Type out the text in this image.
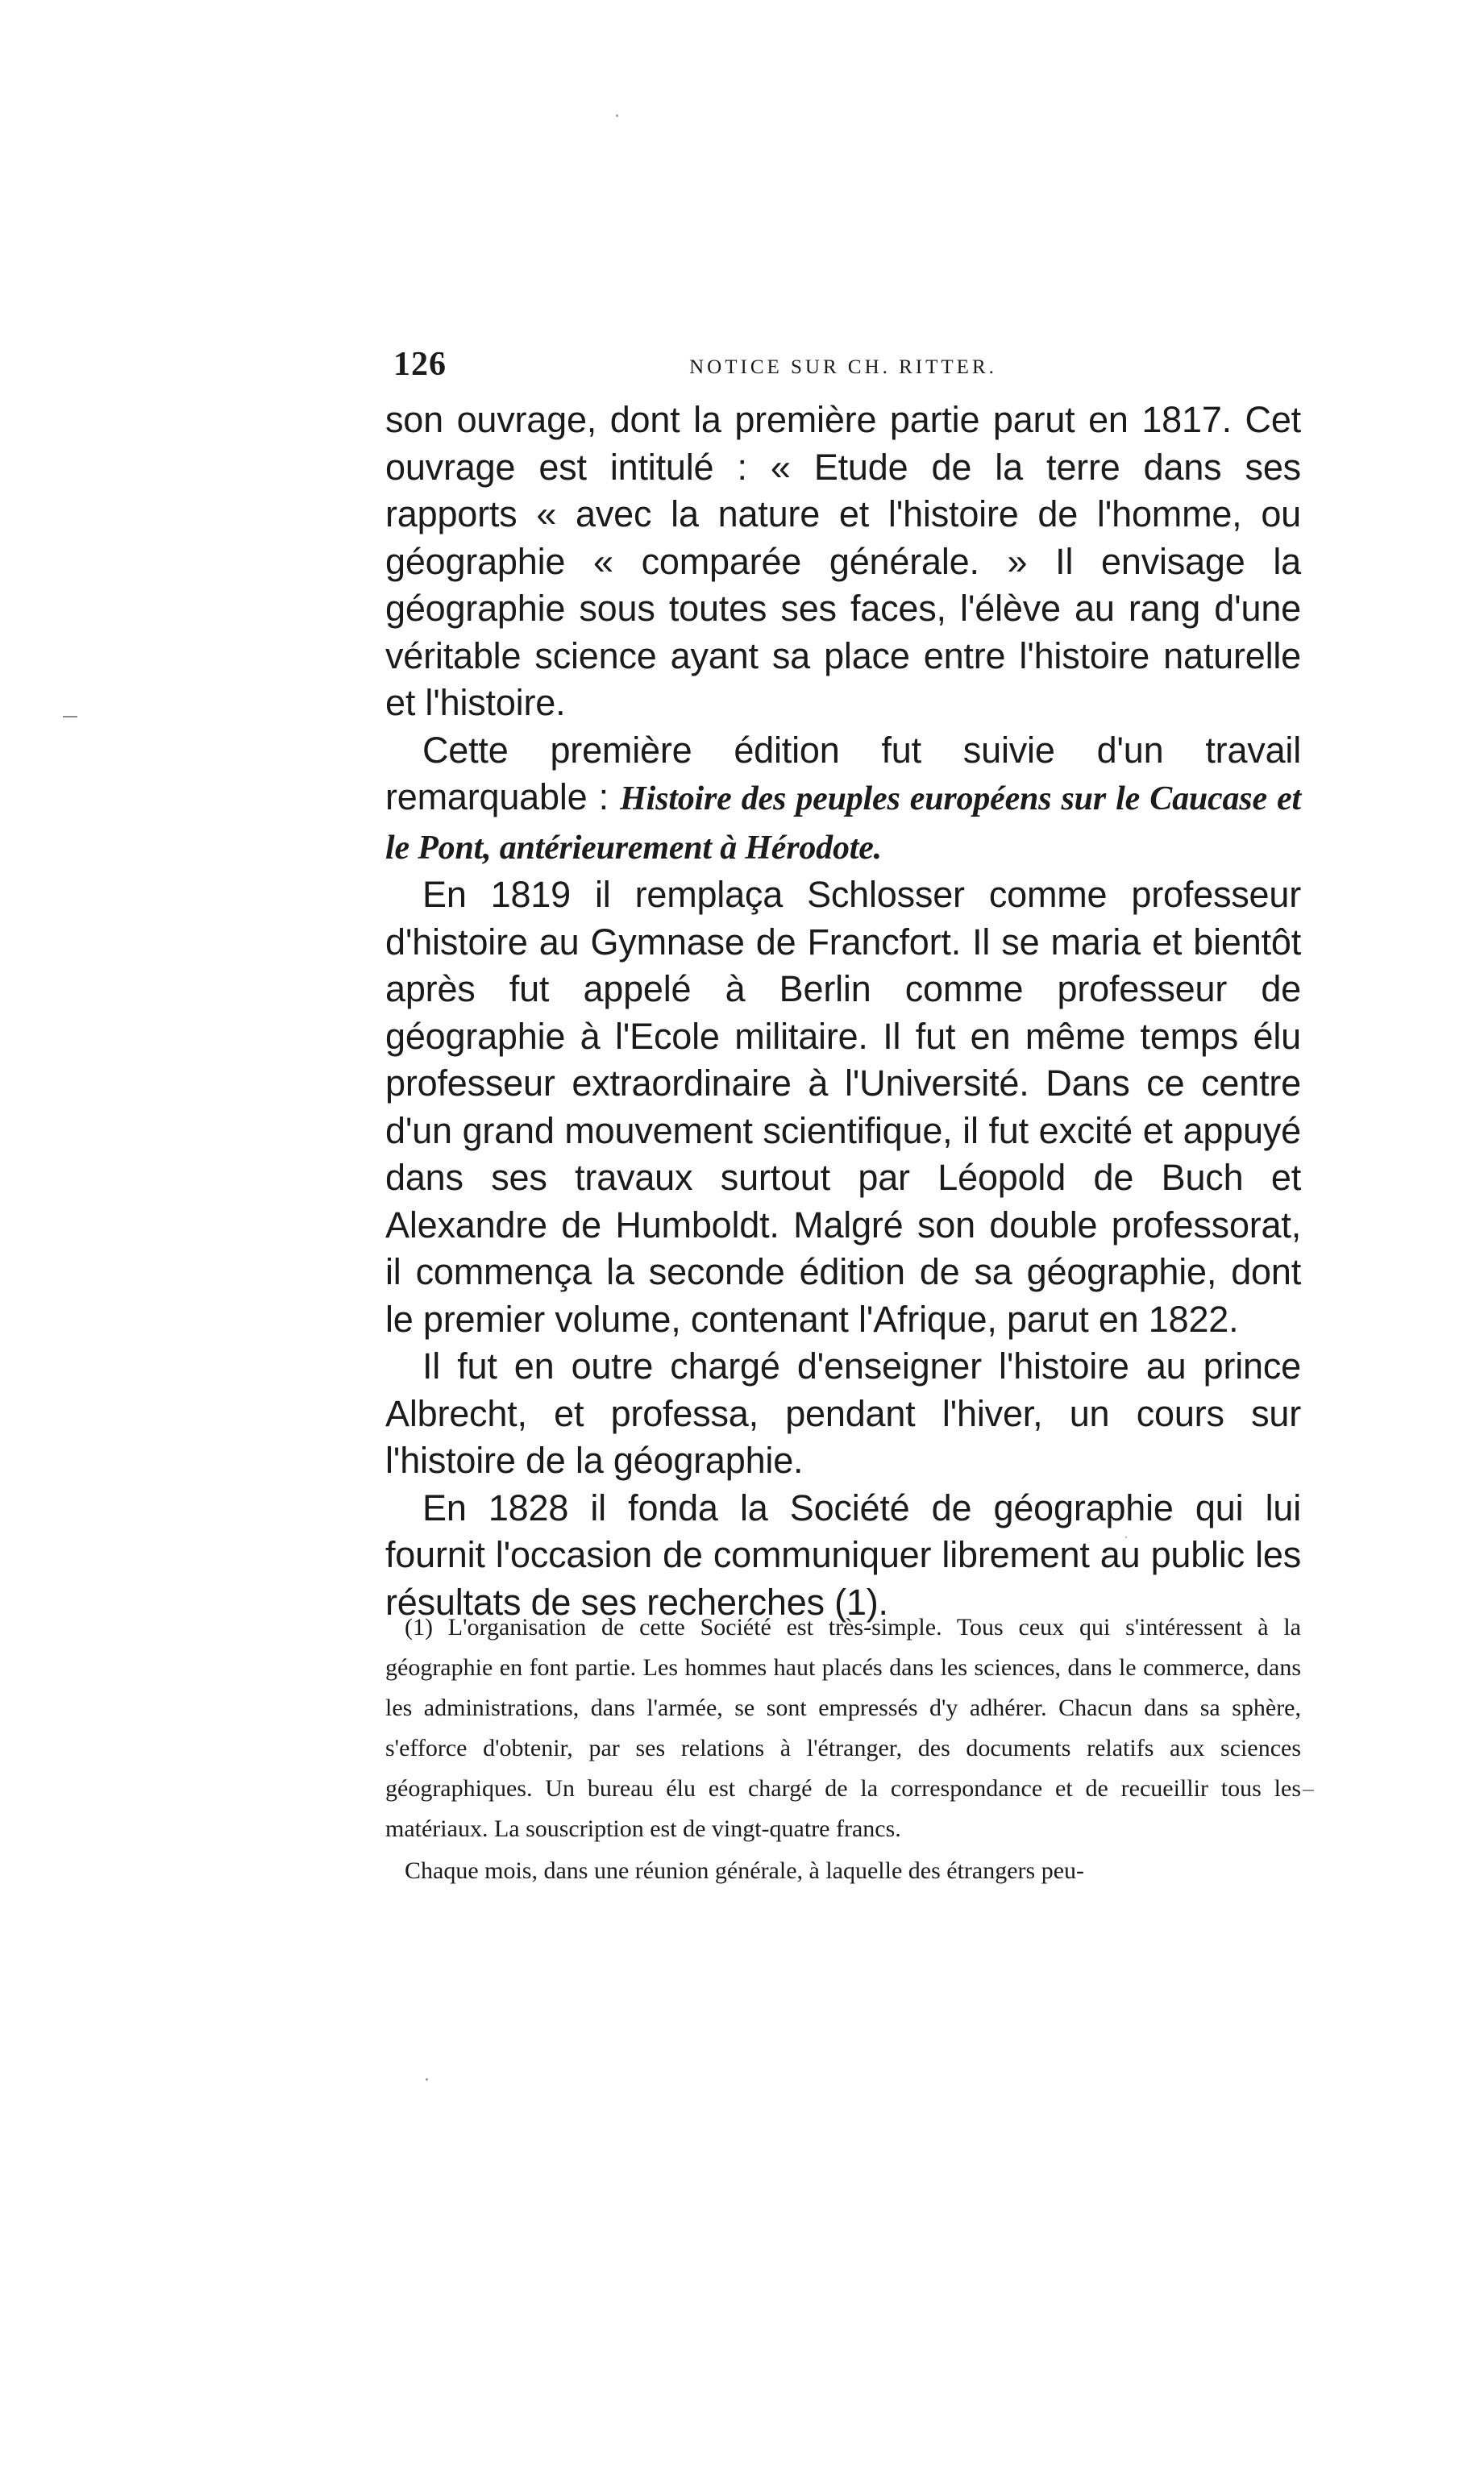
126	NOTICE SUR CH. RITTER.

son ouvrage, dont la première partie parut en 1817. Cet ouvrage est intitulé : « Etude de la terre dans ses rapports « avec la nature et l'histoire de l'homme, ou géographie « comparée générale. » Il envisage la géographie sous toutes ses faces, l'élève au rang d'une véritable science ayant sa place entre l'histoire naturelle et l'histoire.

Cette première édition fut suivie d'un travail remarquable : Histoire des peuples européens sur le Caucase et le Pont, antérieurement à Hérodote.

En 1819 il remplaça Schlosser comme professeur d'histoire au Gymnase de Francfort. Il se maria et bientôt après fut appelé à Berlin comme professeur de géographie à l'Ecole militaire. Il fut en même temps élu professeur extraordinaire à l'Université. Dans ce centre d'un grand mouvement scientifique, il fut excité et appuyé dans ses travaux surtout par Léopold de Buch et Alexandre de Humboldt. Malgré son double professorat, il commença la seconde édition de sa géographie, dont le premier volume, contenant l'Afrique, parut en 1822.

Il fut en outre chargé d'enseigner l'histoire au prince Albrecht, et professa, pendant l'hiver, un cours sur l'histoire de la géographie.

En 1828 il fonda la Société de géographie qui lui fournit l'occasion de communiquer librement au public les résultats de ses recherches (1).

(1) L'organisation de cette Société est très-simple. Tous ceux qui s'intéressent à la géographie en font partie. Les hommes haut placés dans les sciences, dans le commerce, dans les administrations, dans l'armée, se sont empressés d'y adhérer. Chacun dans sa sphère, s'efforce d'obtenir, par ses relations à l'étranger, des documents relatifs aux sciences géographiques. Un bureau élu est chargé de la correspondance et de recueillir tous les matériaux. La souscription est de vingt-quatre francs.

Chaque mois, dans une réunion générale, à laquelle des étrangers peu-
